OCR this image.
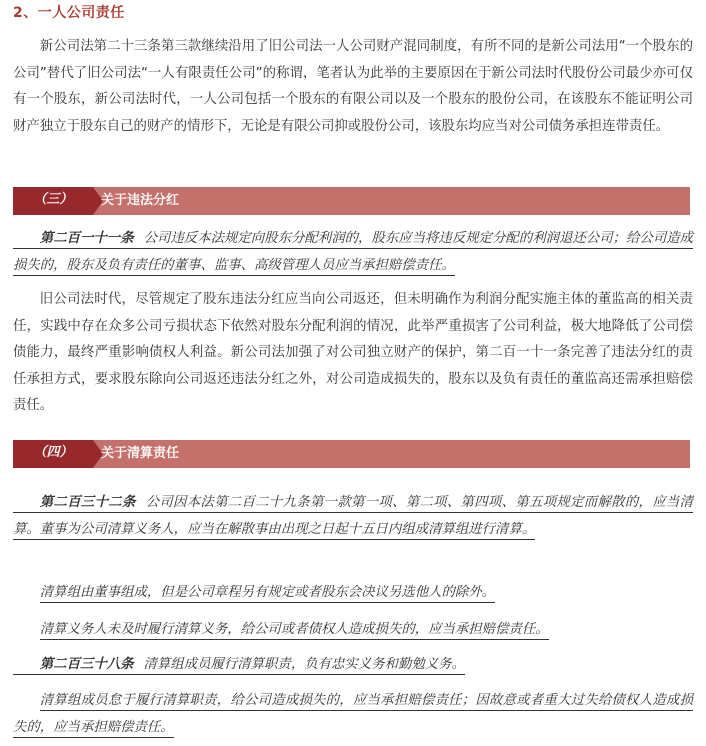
2、一人公司责任

新公司法第二十三条第三款继续沿用了旧公司法一人公司财产混同制度，有所不同的是新公司法用“一个股东的公司”替代了旧公司法“一人有限责任公司”的称谓，笔者认为此举的主要原因在于新公司法时代股份公司最少亦可仅有一个股东，新公司法时代，一人公司包括一个股东的有限公司以及一个股东的股份公司，在该股东不能证明公司财产独立于股东自己的财产的情形下，无论是有限公司抑或股份公司，该股东均应当对公司债务承担连带责任。

（三）	关于违法分红

第二百一十一条 公司违反本法规定向股东分配利润的，股东应当将违反规定分配的利润退还公司；给公司造成损失的，股东及负有责任的董事、监事、高级管理人员应当承担赔偿责任。

旧公司法时代，尽管规定了股东违法分红应当向公司返还，但未明确作为利润分配实施主体的董监高的相关责任，实践中存在众多公司亏损状态下依然对股东分配利润的情况，此举严重损害了公司利益，极大地降低了公司偿债能力，最终严重影响债权人利益。新公司法加强了对公司独立财产的保护，第二百一十一条完善了违法分红的责任承担方式，要求股东除向公司返还违法分红之外，对公司造成损失的，股东以及负有责任的董监高还需承担赔偿责任。

（四）	关于清算责任

第二百三十二条 公司因本法第二百二十九条第一款第一项、第二项、第四项、第五项规定而解散的，应当清算。董事为公司清算义务人，应当在解散事由出现之日起十五日内组成清算组进行清算。

清算组由董事组成，但是公司章程另有规定或者股东会决议另选他人的除外。

清算义务人未及时履行清算义务，给公司或者债权人造成损失的，应当承担赔偿责任。

第二百三十八条 清算组成员履行清算职责，负有忠实义务和勤勉义务。

清算组成员怠于履行清算职责，给公司造成损失的，应当承担赔偿责任；因故意或者重大过失给债权人造成损失的，应当承担赔偿责任。
